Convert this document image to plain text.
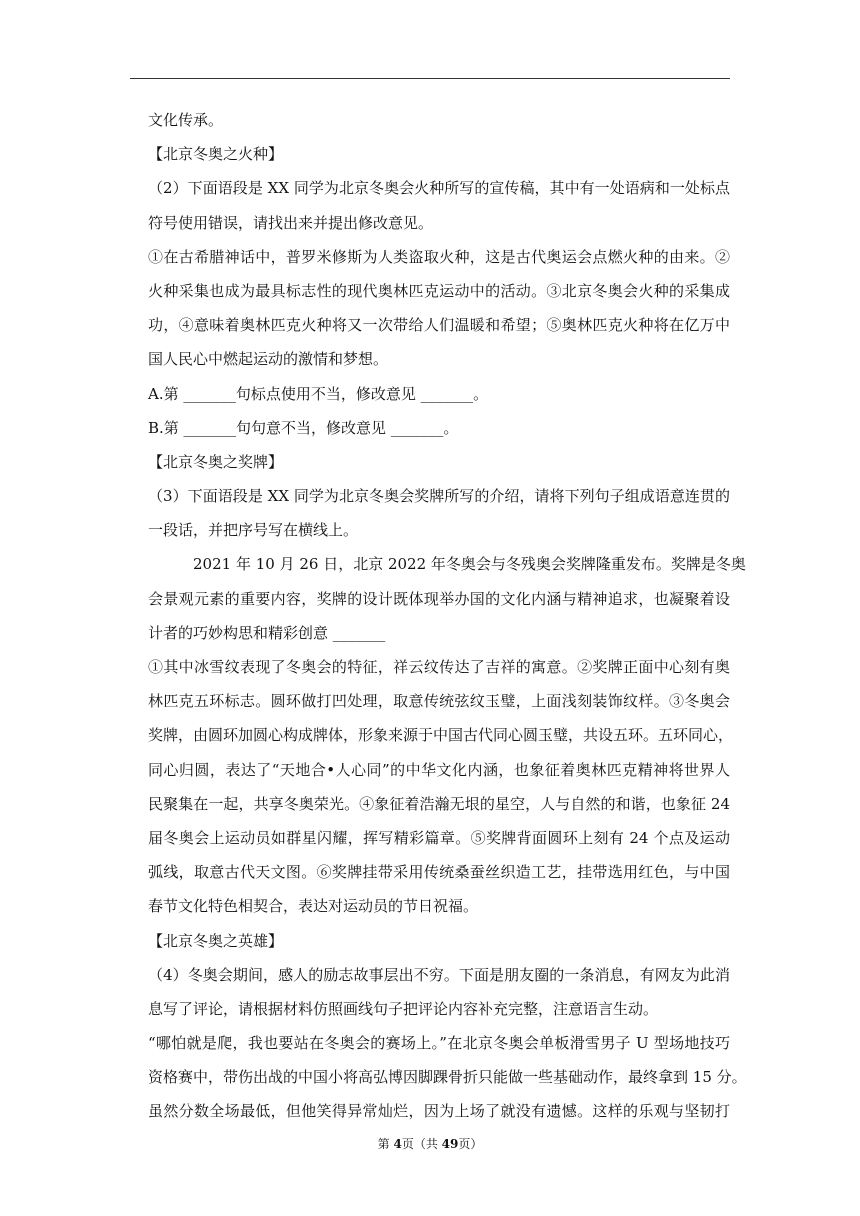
文化传承。
【北京冬奥之火种】
（2）下面语段是 XX 同学为北京冬奥会火种所写的宣传稿，其中有一处语病和一处标点
符号使用错误，请找出来并提出修改意见。
①在古希腊神话中，普罗米修斯为人类盗取火种，这是古代奥运会点燃火种的由来。②
火种采集也成为最具标志性的现代奥林匹克运动中的活动。③北京冬奥会火种的采集成
功，④意味着奥林匹克火种将又一次带给人们温暖和希望；⑤奥林匹克火种将在亿万中
国人民心中燃起运动的激情和梦想。
A.第 _______句标点使用不当，修改意见 _______。
B.第 _______句句意不当，修改意见 _______。
【北京冬奥之奖牌】
（3）下面语段是 XX 同学为北京冬奥会奖牌所写的介绍，请将下列句子组成语意连贯的
一段话，并把序号写在横线上。
　　　2021 年 10 月 26 日，北京 2022 年冬奥会与冬残奥会奖牌隆重发布。奖牌是冬奥
会景观元素的重要内容，奖牌的设计既体现举办国的文化内涵与精神追求，也凝聚着设
计者的巧妙构思和精彩创意 _______
①其中冰雪纹表现了冬奥会的特征，祥云纹传达了吉祥的寓意。②奖牌正面中心刻有奥
林匹克五环标志。圆环做打凹处理，取意传统弦纹玉璧，上面浅刻装饰纹样。③冬奥会
奖牌，由圆环加圆心构成牌体，形象来源于中国古代同心圆玉璧，共设五环。五环同心，
同心归圆，表达了“天地合•人心同”的中华文化内涵，也象征着奥林匹克精神将世界人
民聚集在一起，共享冬奥荣光。④象征着浩瀚无垠的星空，人与自然的和谐，也象征 24
届冬奥会上运动员如群星闪耀，挥写精彩篇章。⑤奖牌背面圆环上刻有 24 个点及运动
弧线，取意古代天文图。⑥奖牌挂带采用传统桑蚕丝织造工艺，挂带选用红色，与中国
春节文化特色相契合，表达对运动员的节日祝福。
【北京冬奥之英雄】
（4）冬奥会期间，感人的励志故事层出不穷。下面是朋友圈的一条消息，有网友为此消
息写了评论，请根据材料仿照画线句子把评论内容补充完整，注意语言生动。
“哪怕就是爬，我也要站在冬奥会的赛场上。”在北京冬奥会单板滑雪男子 U 型场地技巧
资格赛中，带伤出战的中国小将高弘博因脚踝骨折只能做一些基础动作，最终拿到 15 分。
虽然分数全场最低，但他笑得异常灿烂，因为上场了就没有遗憾。这样的乐观与坚韧打
第 4页（共 49页）
